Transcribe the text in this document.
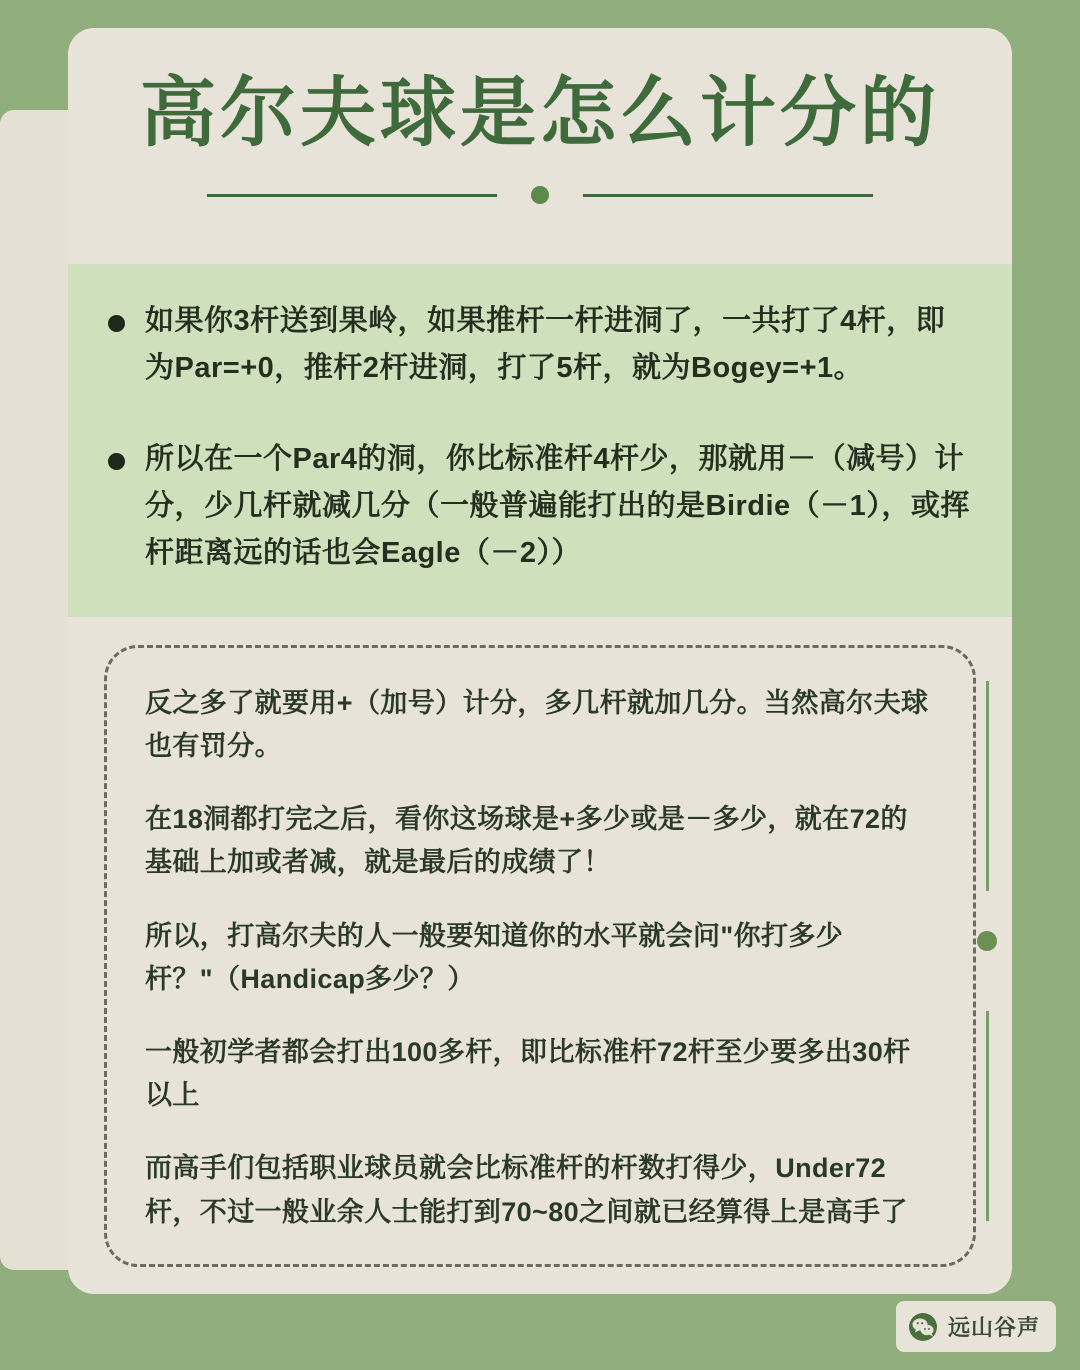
高尔夫球是怎么计分的
如果你3杆送到果岭，如果推杆一杆进洞了，一共打了4杆，即为Par=+0，推杆2杆进洞，打了5杆，就为Bogey=+1。
所以在一个Par4的洞，你比标准杆4杆少，那就用－（减号）计分，少几杆就减几分（一般普遍能打出的是Birdie（－1），或挥杆距离远的话也会Eagle（－2））

反之多了就要用+（加号）计分，多几杆就加几分。当然高尔夫球也有罚分。

在18洞都打完之后，看你这场球是+多少或是－多少，就在72的基础上加或者减，就是最后的成绩了！

所以，打高尔夫的人一般要知道你的水平就会问"你打多少杆？"（Handicap多少？）

一般初学者都会打出100多杆，即比标准杆72杆至少要多出30杆以上

而高手们包括职业球员就会比标准杆的杆数打得少，Under72杆，不过一般业余人士能打到70~80之间就已经算得上是高手了

远山谷声
